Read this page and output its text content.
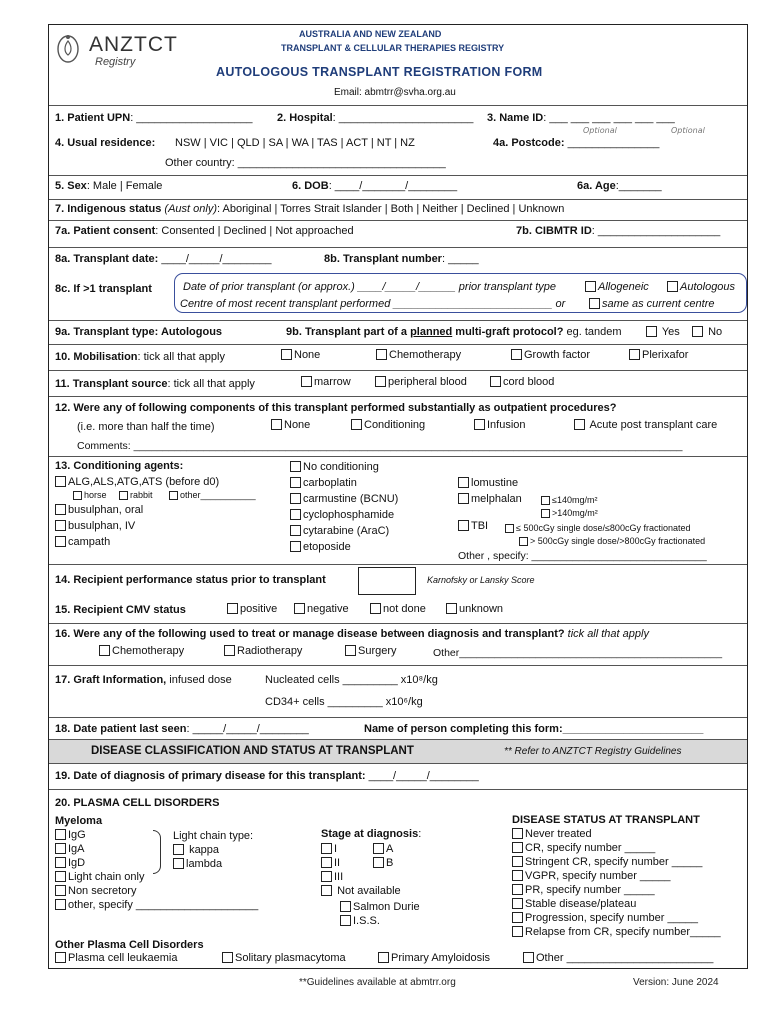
ANZTCT
Registry
AUSTRALIA AND NEW ZEALAND
TRANSPLANT & CELLULAR THERAPIES REGISTRY
AUTOLOGOUS TRANSPLANT REGISTRATION FORM
Email: abmtrr@svha.org.au
1. Patient UPN: ___________________ 2. Hospital: ______________________ 3. Name ID: ___ ___ ___ ___ ___ ___
Optional	Optional
4. Usual residence: NSW | VIC | QLD | SA | WA | TAS | ACT | NT | NZ	4a. Postcode: _______________
Other country: __________________________________
5. Sex: Male | Female	6. DOB: ____/_______/________	6a. Age:_______
7. Indigenous status (Aust only): Aboriginal | Torres Strait Islander | Both | Neither | Declined | Unknown
7a. Patient consent: Consented | Declined | Not approached	7b. CIBMTR ID: ____________________
8a. Transplant date: ____/_____/________	8b. Transplant number: _____
8c. If >1 transplant	Date of prior transplant (or approx.) ____/_____/______ prior transplant type	Allogeneic	Autologous
Centre of most recent transplant performed __________________________ or	same as current centre
9a. Transplant type: Autologous	9b. Transplant part of a planned multi-graft protocol? eg. tandem	Yes	No
10. Mobilisation: tick all that apply	None	Chemotherapy	Growth factor	Plerixafor
11. Transplant source: tick all that apply	marrow	peripheral blood	cord blood
12. Were any of following components of this transplant performed substantially as outpatient procedures?
(i.e. more than half the time)	None	Conditioning	Infusion	Acute post transplant care
Comments: ______________________________________________________________________________________________
13. Conditioning agents:
ALG,ALS,ATG,ATS (before d0)
horse	rabbit	other___________
busulphan, oral
busulphan, IV
campath
No conditioning
carboplatin
carmustine (BCNU)
cyclophosphamide
cytarabine (AraC)
etoposide
lomustine
melphalan	≤140mg/m²
>140mg/m²
TBI	≤ 500cGy single dose/≤800cGy fractionated
> 500cGy single dose/>800cGy fractionated
Other , specify: ______________________________
14. Recipient performance status prior to transplant	Karnofsky or Lansky Score
15. Recipient CMV status	positive	negative	not done	unknown
16. Were any of the following used to treat or manage disease between diagnosis and transplant? tick all that apply
Chemotherapy	Radiotherapy	Surgery	Other_____________________________________________
17. Graft Information, infused dose	Nucleated cells _________ x10⁸/kg
CD34+ cells _________ x10⁶/kg
18. Date patient last seen: _____/_____/________	Name of person completing this form:_______________________
DISEASE CLASSIFICATION AND STATUS AT TRANSPLANT	** Refer to ANZTCT Registry Guidelines
19. Date of diagnosis of primary disease for this transplant: ____/_____/________
20. PLASMA CELL DISORDERS
Myeloma
IgG
IgA
IgD
Light chain only
Non secretory
other, specify ____________________
Light chain type:
kappa
lambda
Stage at diagnosis:
I
II
III
A
B
Not available
Salmon Durie
I.S.S.
DISEASE STATUS AT TRANSPLANT
Never treated
CR, specify number _____
Stringent CR, specify number _____
VGPR, specify number _____
PR, specify number _____
Stable disease/plateau
Progression, specify number _____
Relapse from CR, specify number_____
Other Plasma Cell Disorders
Plasma cell leukaemia	Solitary plasmacytoma	Primary Amyloidosis	Other ________________________
**Guidelines available at abmtrr.org	Version: June 2024
